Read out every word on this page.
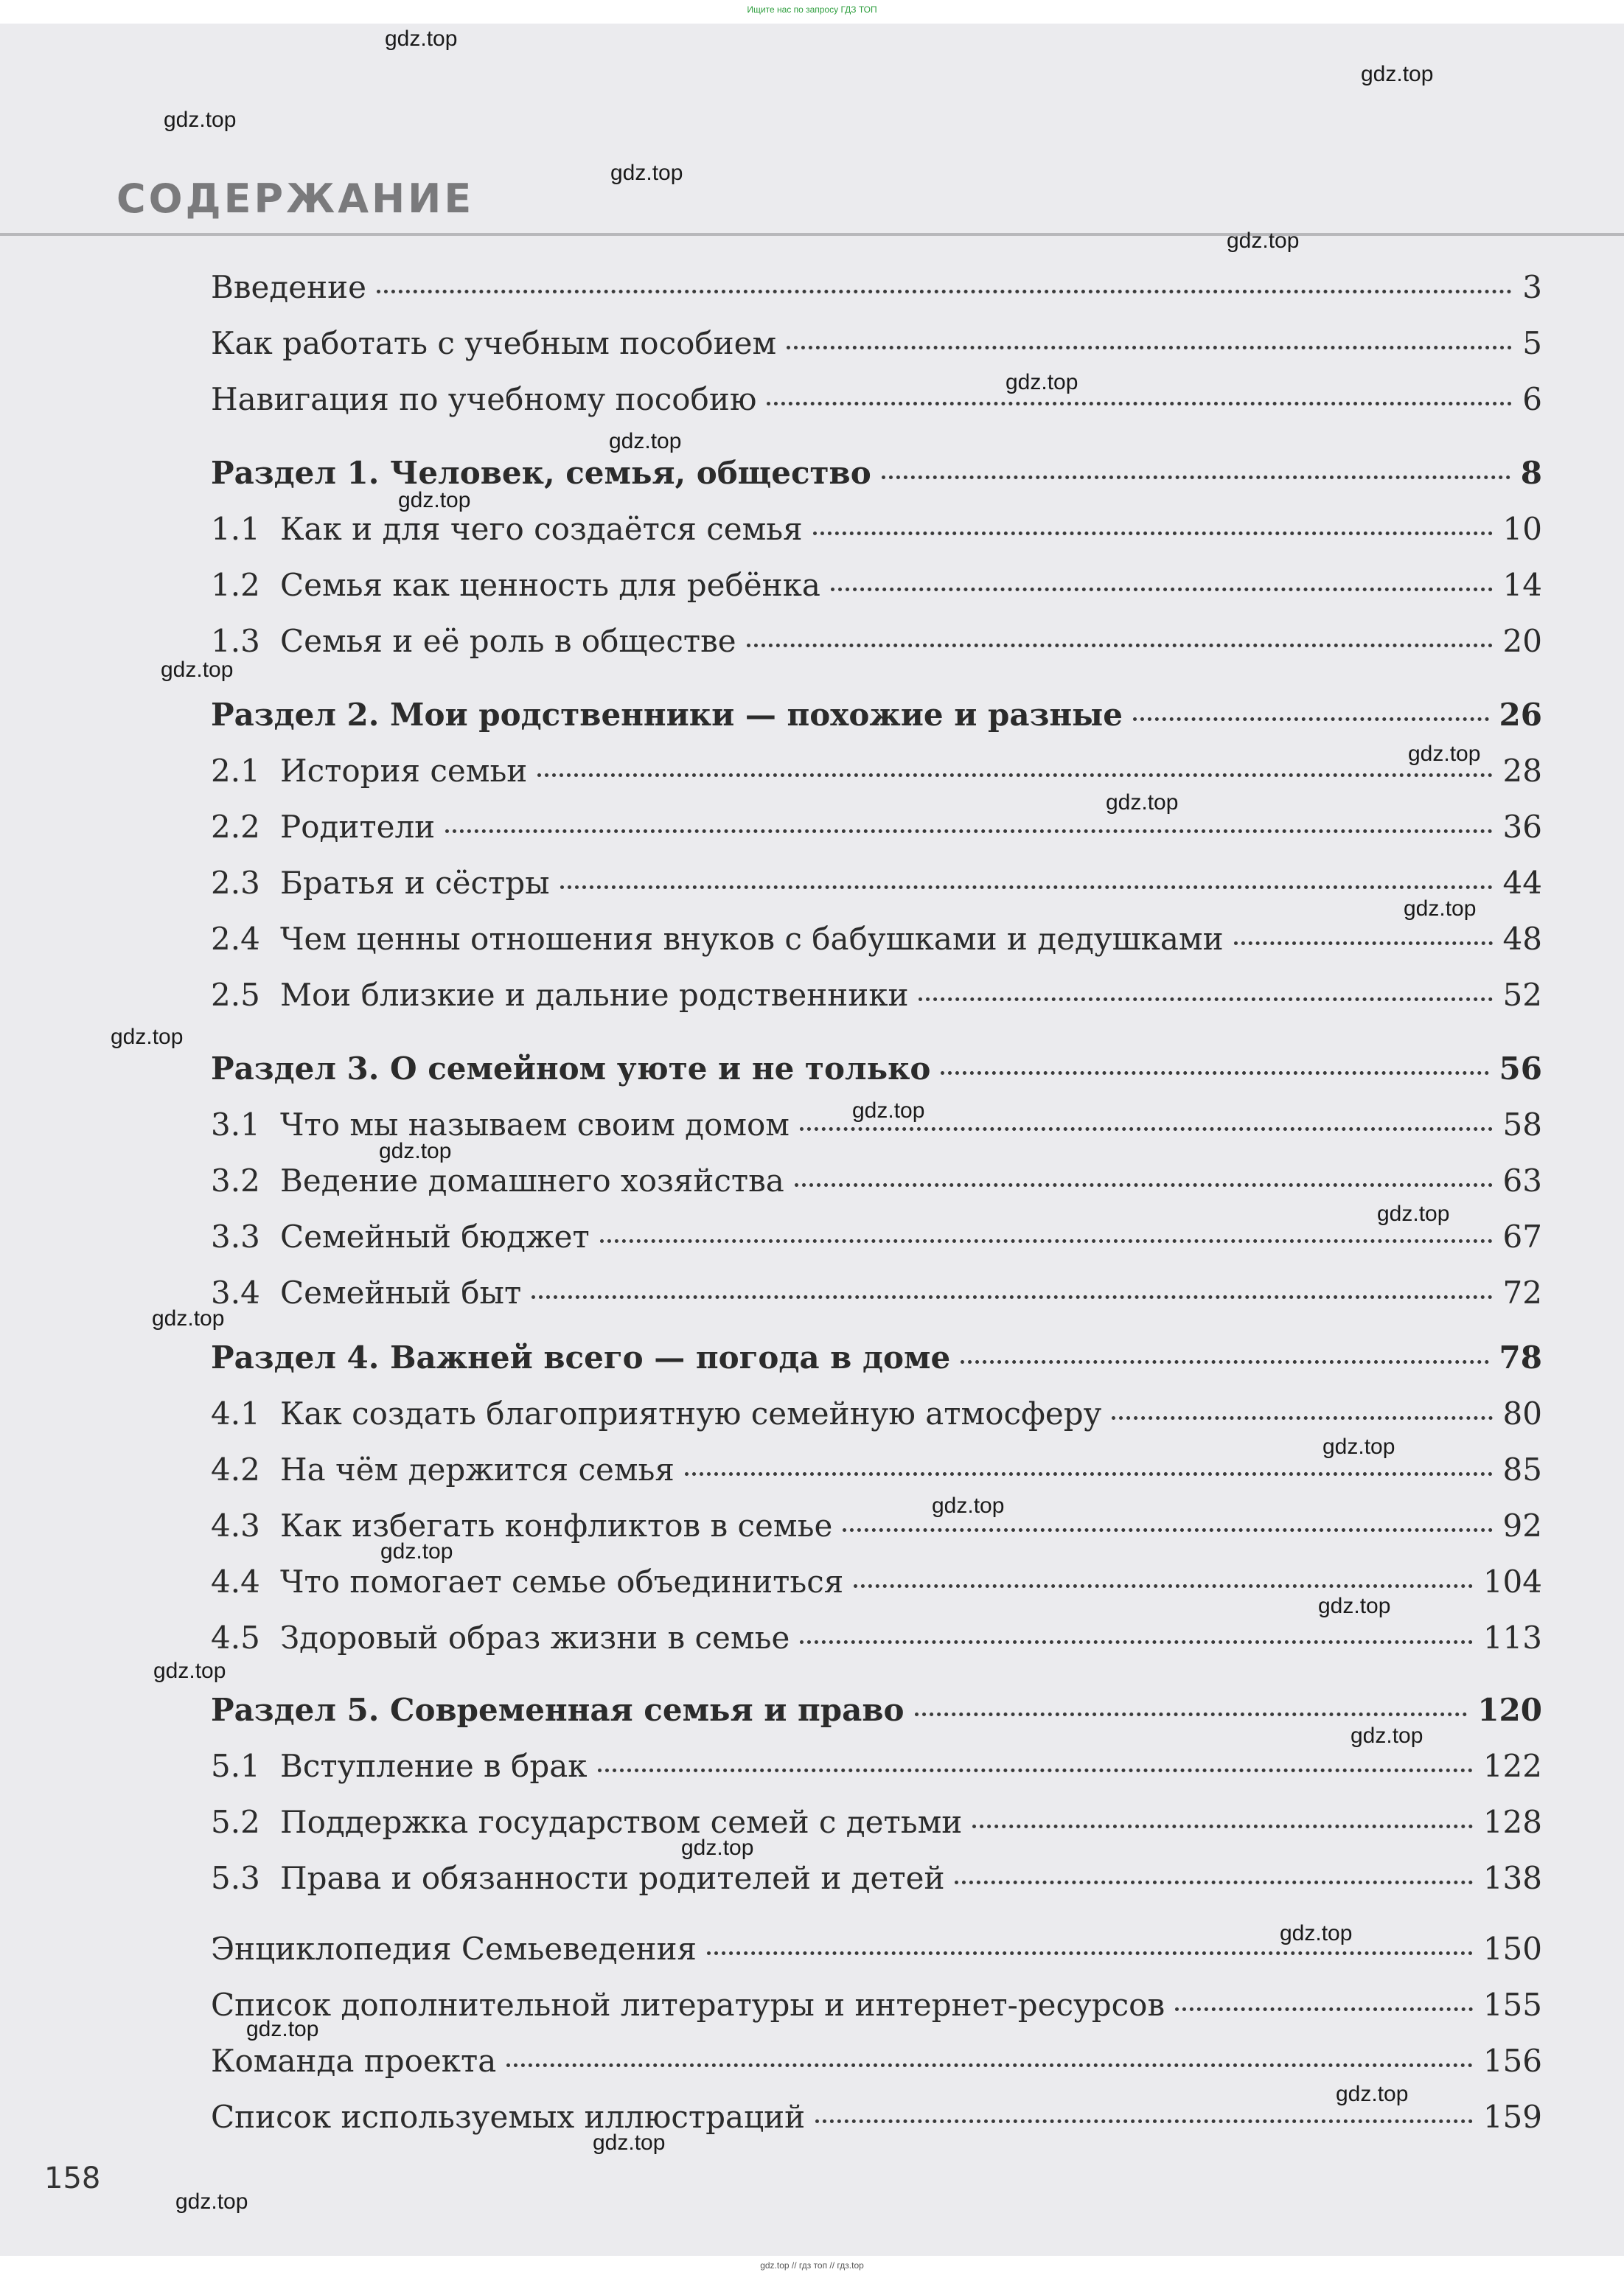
Ищите нас по запросу ГДЗ ТОП
СОДЕРЖАНИЕ
Введение	3
Как работать с учебным пособием	5
Навигация по учебному пособию	6
Раздел 1. Человек, семья, общество	8
1.1 Как и для чего создаётся семья	10
1.2 Семья как ценность для ребёнка	14
1.3 Семья и её роль в обществе	20
Раздел 2. Мои родственники — похожие и разные	26
2.1 История семьи	28
2.2 Родители	36
2.3 Братья и сёстры	44
2.4 Чем ценны отношения внуков с бабушками и дедушками	48
2.5 Мои близкие и дальние родственники	52
Раздел 3. О семейном уюте и не только	56
3.1 Что мы называем своим домом	58
3.2 Ведение домашнего хозяйства	63
3.3 Семейный бюджет	67
3.4 Семейный быт	72
Раздел 4. Важней всего — погода в доме	78
4.1 Как создать благоприятную семейную атмосферу	80
4.2 На чём держится семья	85
4.3 Как избегать конфликтов в семье	92
4.4 Что помогает семье объединиться	104
4.5 Здоровый образ жизни в семье	113
Раздел 5. Современная семья и право	120
5.1 Вступление в брак	122
5.2 Поддержка государством семей с детьми	128
5.3 Права и обязанности родителей и детей	138
Энциклопедия Семьеведения	150
Список дополнительной литературы и интернет-ресурсов	155
Команда проекта	156
Список используемых иллюстраций	159
158
gdz.top
gdz.top
gdz.top
gdz.top
gdz.top
gdz.top
gdz.top
gdz.top
gdz.top
gdz.top
gdz.top
gdz.top
gdz.top
gdz.top
gdz.top
gdz.top
gdz.top
gdz.top
gdz.top
gdz.top
gdz.top
gdz.top
gdz.top
gdz.top
gdz.top
gdz.top
gdz.top
gdz.top
gdz.top
gdz.top // гдз топ // гдз.top
